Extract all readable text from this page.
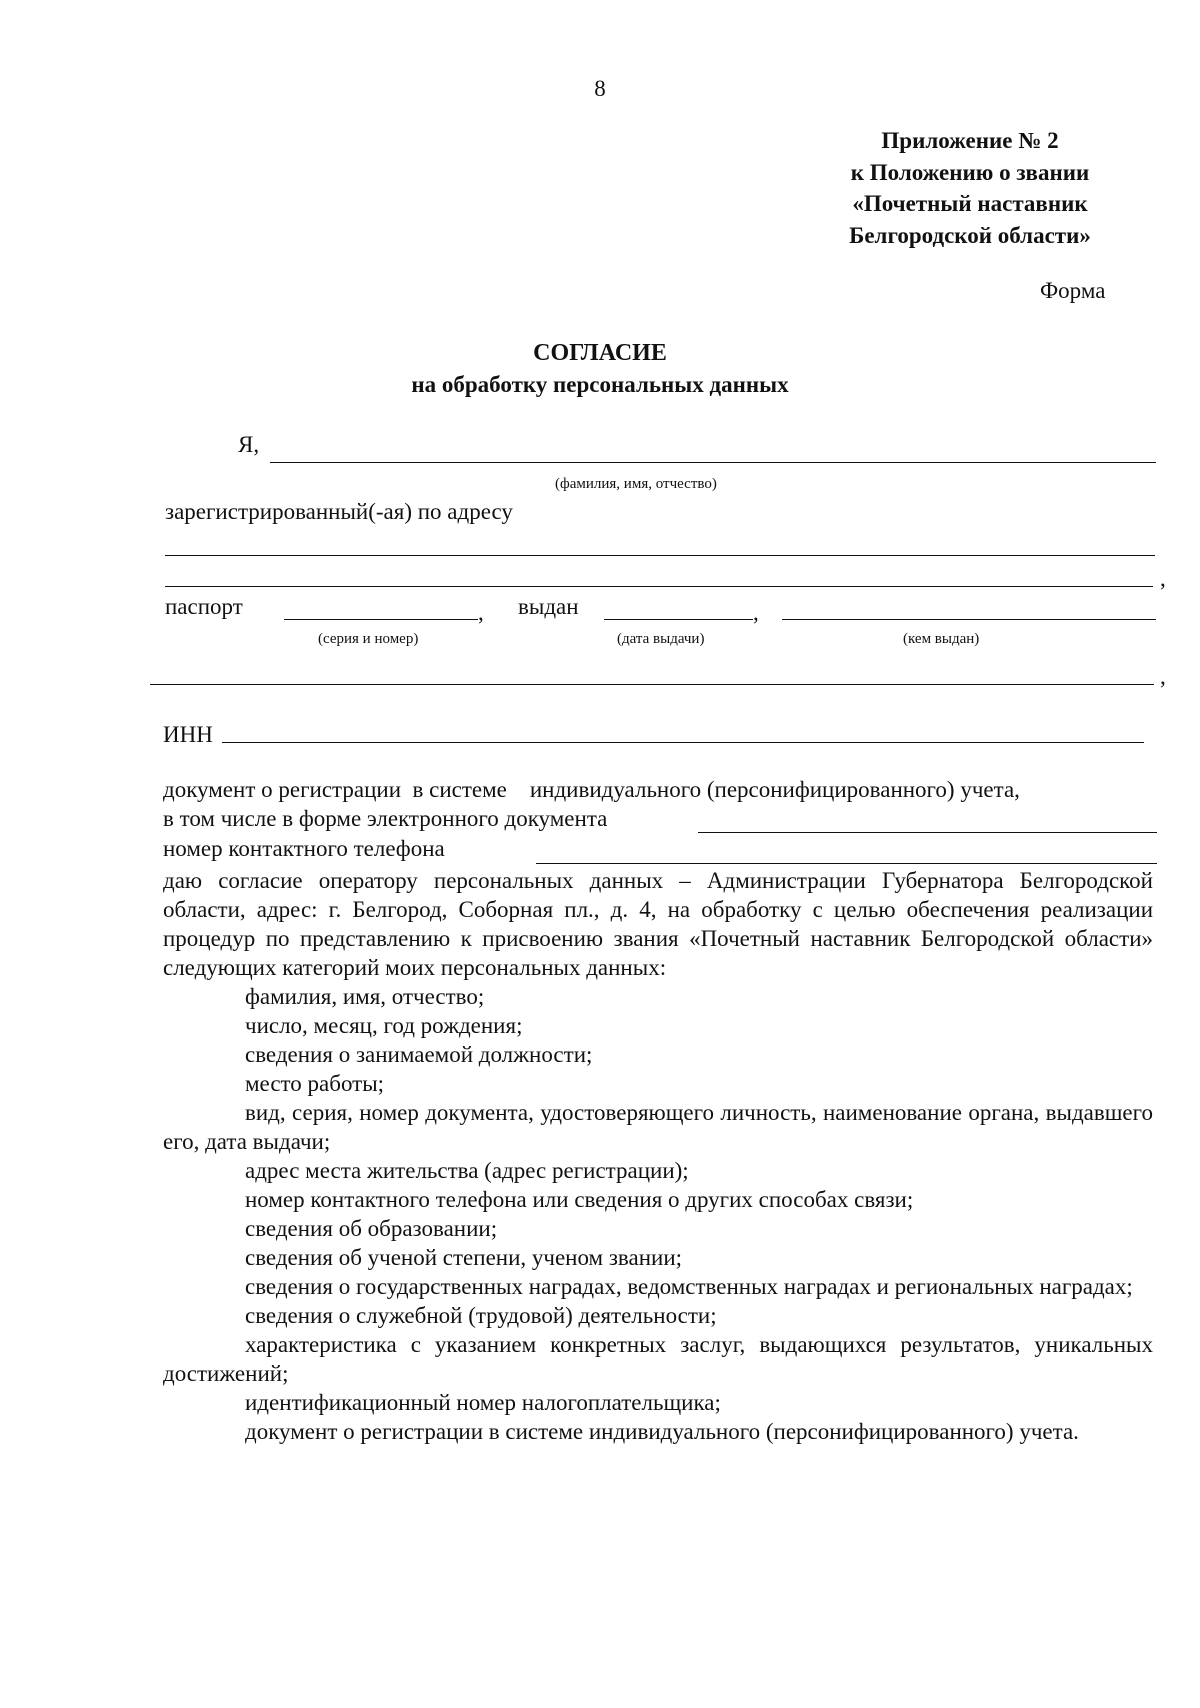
8
Приложение № 2
к Положению о звании
«Почетный наставник
Белгородской области»
Форма
СОГЛАСИЕ
на обработку персональных данных
Я,
(фамилия, имя, отчество)
зарегистрированный(-ая) по адресу
,
паспорт	, выдан	,
(серия и номер)	(дата выдачи)	(кем выдан)
,
ИНН
документ о регистрации  в системе    индивидуального (персонифицированного) учета,
в том числе в форме электронного документа
номер контактного телефона
даю согласие оператору персональных данных – Администрации Губернатора Белгородской области, адрес: г. Белгород, Соборная пл., д. 4, на обработку с целью обеспечения реализации процедур по представлению к присвоению звания «Почетный наставник Белгородской области» следующих категорий моих персональных данных:
фамилия, имя, отчество;
число, месяц, год рождения;
сведения о занимаемой должности;
место работы;
вид, серия, номер документа, удостоверяющего личность, наименование органа, выдавшего его, дата выдачи;
адрес места жительства (адрес регистрации);
номер контактного телефона или сведения о других способах связи;
сведения об образовании;
сведения об ученой степени, ученом звании;
сведения о государственных наградах, ведомственных наградах и региональных наградах;
сведения о служебной (трудовой) деятельности;
характеристика с указанием конкретных заслуг, выдающихся результатов, уникальных достижений;
идентификационный номер налогоплательщика;
документ о регистрации в системе индивидуального (персонифицированного) учета.
